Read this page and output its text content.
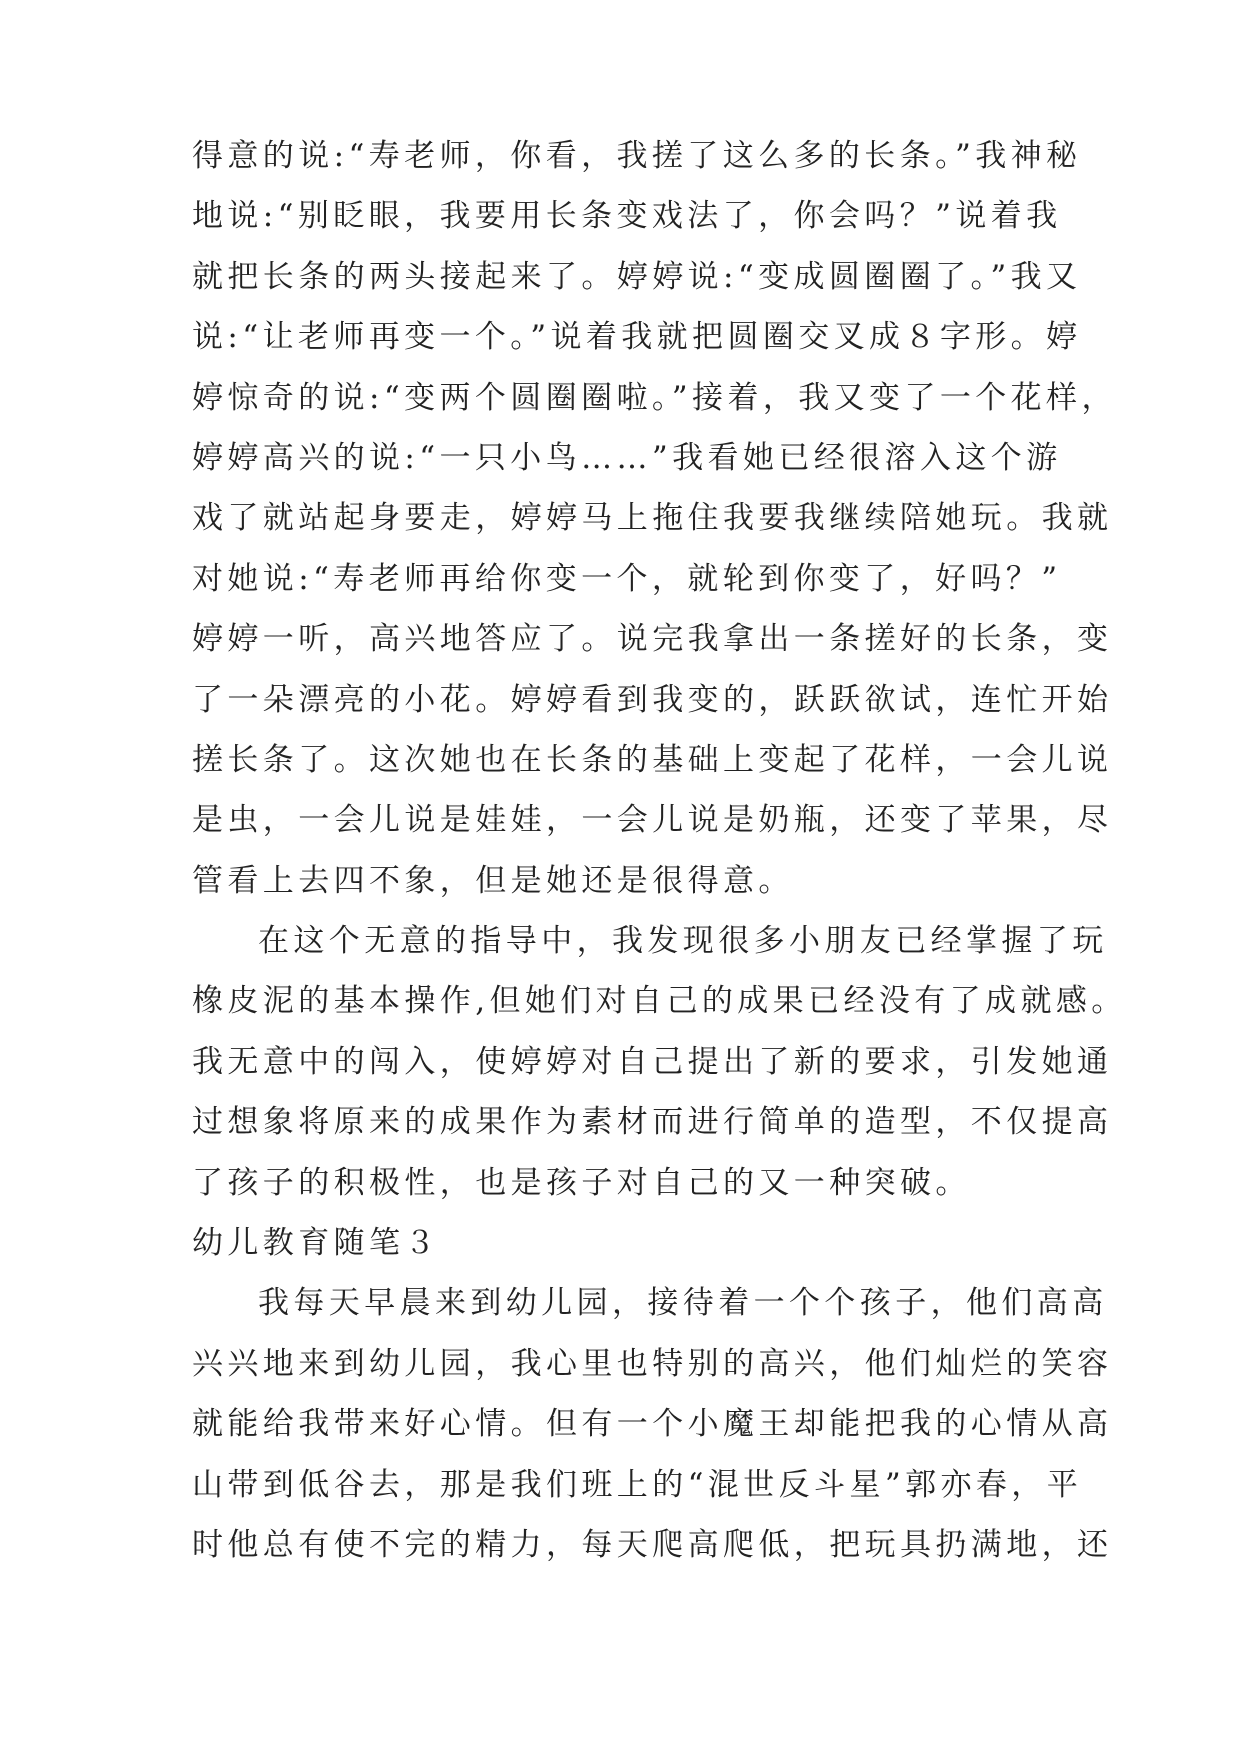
得意的说:“寿老师，你看，我搓了这么多的长条。”我神秘
地说:“别眨眼，我要用长条变戏法了，你会吗？”说着我
就把长条的两头接起来了。婷婷说:“变成圆圈圈了。”我又
说:“让老师再变一个。”说着我就把圆圈交叉成８字形。婷
婷惊奇的说:“变两个圆圈圈啦。”接着，我又变了一个花样，
婷婷高兴的说:“一只小鸟……”我看她已经很溶入这个游
戏了就站起身要走，婷婷马上拖住我要我继续陪她玩。我就
对她说:“寿老师再给你变一个，就轮到你变了，好吗？”
婷婷一听，高兴地答应了。说完我拿出一条搓好的长条，变
了一朵漂亮的小花。婷婷看到我变的，跃跃欲试，连忙开始
搓长条了。这次她也在长条的基础上变起了花样，一会儿说
是虫，一会儿说是娃娃，一会儿说是奶瓶，还变了苹果，尽
管看上去四不象，但是她还是很得意。
在这个无意的指导中，我发现很多小朋友已经掌握了玩
橡皮泥的基本操作,但她们对自己的成果已经没有了成就感。
我无意中的闯入，使婷婷对自己提出了新的要求，引发她通
过想象将原来的成果作为素材而进行简单的造型，不仅提高
了孩子的积极性，也是孩子对自己的又一种突破。
幼儿教育随笔３
我每天早晨来到幼儿园，接待着一个个孩子，他们高高
兴兴地来到幼儿园，我心里也特别的高兴，他们灿烂的笑容
就能给我带来好心情。但有一个小魔王却能把我的心情从高
山带到低谷去，那是我们班上的“混世反斗星”郭亦春，平
时他总有使不完的精力，每天爬高爬低，把玩具扔满地，还
